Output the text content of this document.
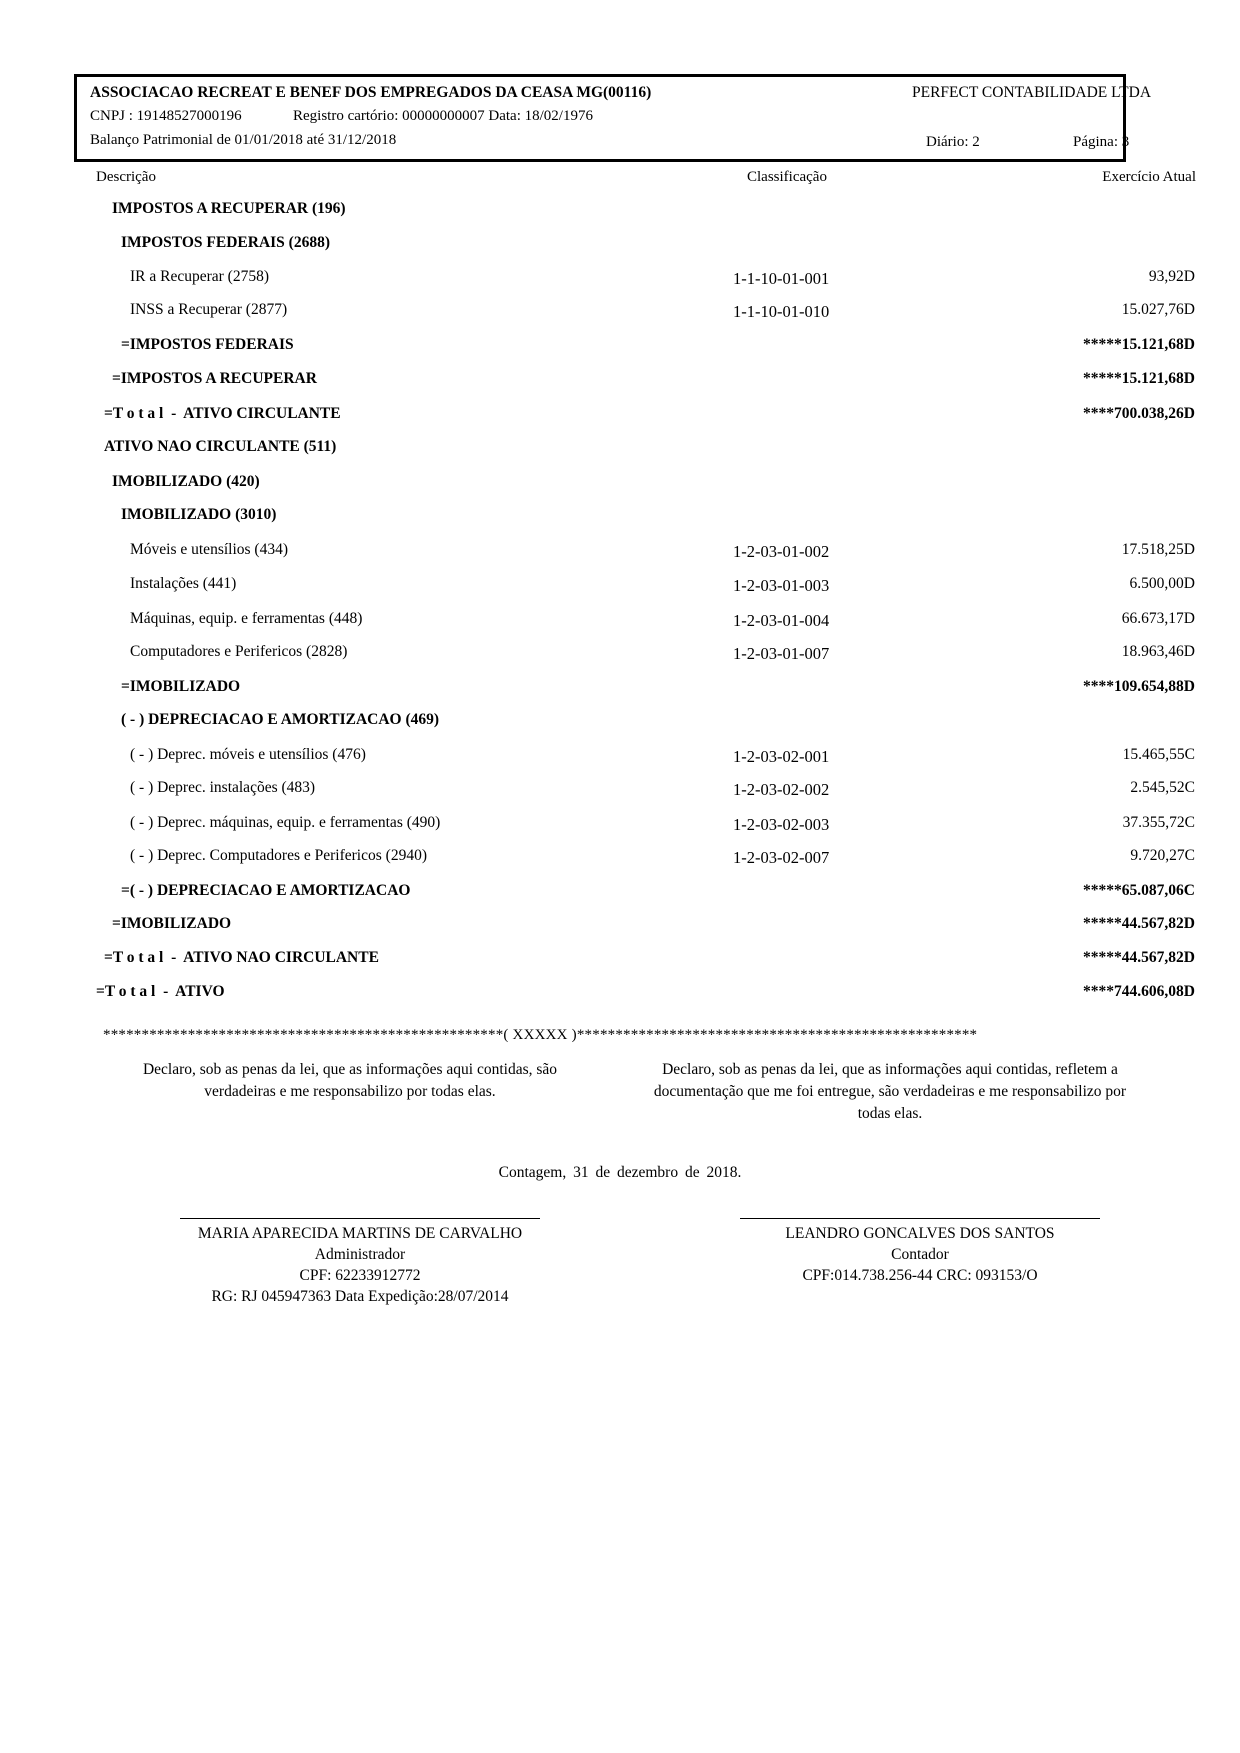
ASSOCIACAO RECREAT E BENEF DOS EMPREGADOS DA CEASA MG(00116)	PERFECT CONTABILIDADE LTDA
CNPJ : 19148527000196	Registro cartório: 00000000007 Data: 18/02/1976
Balanço Patrimonial de 01/01/2018 até 31/12/2018	Diário: 2	Página: 3
Descrição	Classificação	Exercício Atual
IMPOSTOS A RECUPERAR (196)
IMPOSTOS FEDERAIS (2688)
IR a Recuperar (2758)	1-1-10-01-001	93,92D
INSS a Recuperar (2877)	1-1-10-01-010	15.027,76D
=IMPOSTOS FEDERAIS	*****15.121,68D
=IMPOSTOS A RECUPERAR	*****15.121,68D
=T o t a l  -  ATIVO CIRCULANTE	****700.038,26D
ATIVO NAO CIRCULANTE (511)
IMOBILIZADO (420)
IMOBILIZADO (3010)
Móveis e utensílios (434)	1-2-03-01-002	17.518,25D
Instalações (441)	1-2-03-01-003	6.500,00D
Máquinas, equip. e ferramentas (448)	1-2-03-01-004	66.673,17D
Computadores e Perifericos (2828)	1-2-03-01-007	18.963,46D
=IMOBILIZADO	****109.654,88D
( - ) DEPRECIACAO E AMORTIZACAO (469)
( - ) Deprec. móveis e utensílios (476)	1-2-03-02-001	15.465,55C
( - ) Deprec. instalações (483)	1-2-03-02-002	2.545,52C
( - ) Deprec. máquinas, equip. e ferramentas (490)	1-2-03-02-003	37.355,72C
( - ) Deprec. Computadores e Perifericos (2940)	1-2-03-02-007	9.720,27C
=( - ) DEPRECIACAO E AMORTIZACAO	*****65.087,06C
=IMOBILIZADO	*****44.567,82D
=T o t a l  -  ATIVO NAO CIRCULANTE	*****44.567,82D
=T o t a l  -  ATIVO	****744.606,08D
****************************************************( XXXXX )****************************************************
Declaro, sob as penas da lei, que as informações aqui contidas, são verdadeiras e me responsabilizo por todas elas.
Declaro, sob as penas da lei, que as informações aqui contidas, refletem a documentação que me foi entregue, são verdadeiras e me responsabilizo por todas elas.
Contagem, 31 de dezembro de 2018.
MARIA APARECIDA MARTINS DE CARVALHO
Administrador
CPF: 62233912772
RG: RJ 045947363 Data Expedição:28/07/2014
LEANDRO GONCALVES DOS SANTOS
Contador
CPF:014.738.256-44 CRC: 093153/O
